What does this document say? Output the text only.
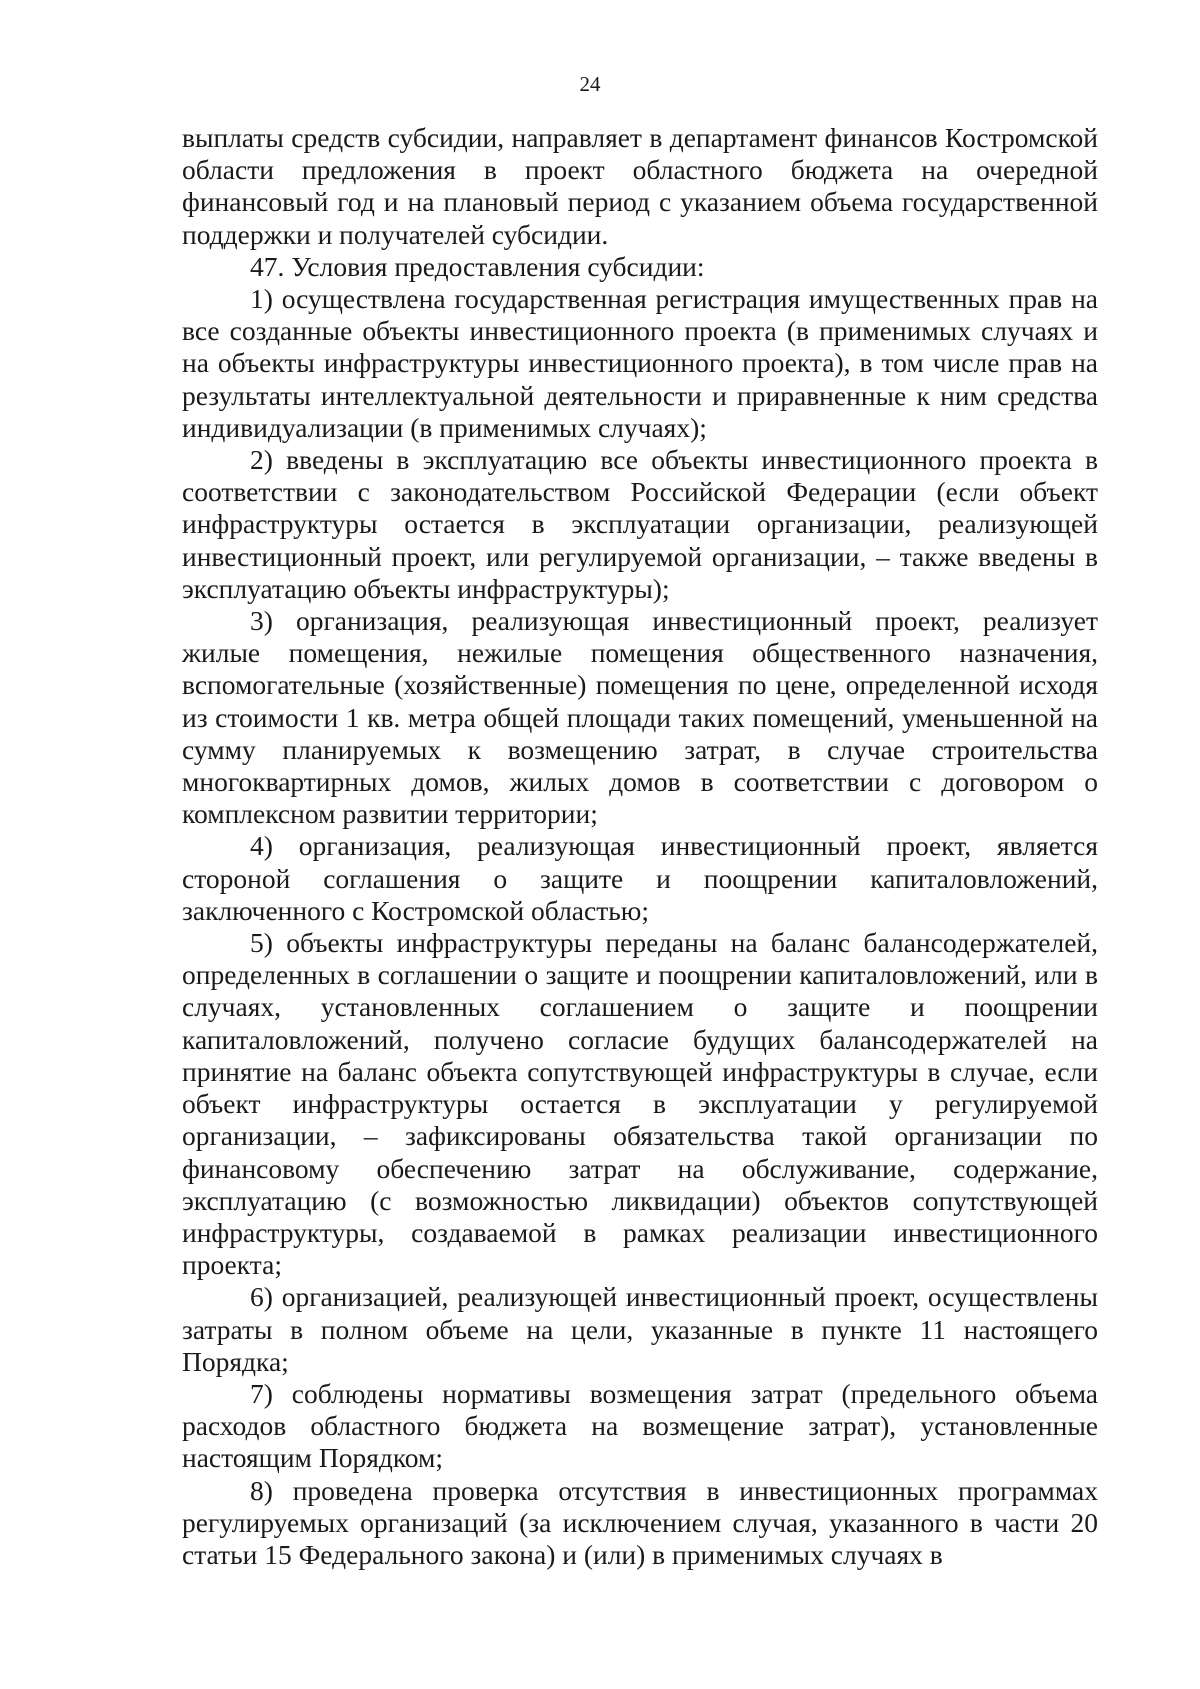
24

выплаты средств субсидии, направляет в департамент финансов Костромской области предложения в проект областного бюджета на очередной финансовый год и на плановый период с указанием объема государственной поддержки и получателей субсидии.

47. Условия предоставления субсидии:

1) осуществлена государственная регистрация имущественных прав на все созданные объекты инвестиционного проекта (в применимых случаях и на объекты инфраструктуры инвестиционного проекта), в том числе прав на результаты интеллектуальной деятельности и приравненные к ним средства индивидуализации (в применимых случаях);

2) введены в эксплуатацию все объекты инвестиционного проекта в соответствии с законодательством Российской Федерации (если объект инфраструктуры остается в эксплуатации организации, реализующей инвестиционный проект, или регулируемой организации, – также введены в эксплуатацию объекты инфраструктуры);

3) организация, реализующая инвестиционный проект, реализует жилые помещения, нежилые помещения общественного назначения, вспомогательные (хозяйственные) помещения по цене, определенной исходя из стоимости 1 кв. метра общей площади таких помещений, уменьшенной на сумму планируемых к возмещению затрат, в случае строительства многоквартирных домов, жилых домов в соответствии с договором о комплексном развитии территории;

4) организация, реализующая инвестиционный проект, является стороной соглашения о защите и поощрении капиталовложений, заключенного с Костромской областью;

5) объекты инфраструктуры переданы на баланс балансодержателей, определенных в соглашении о защите и поощрении капиталовложений, или в случаях, установленных соглашением о защите и поощрении капиталовложений, получено согласие будущих балансодержателей на принятие на баланс объекта сопутствующей инфраструктуры в случае, если объект инфраструктуры остается в эксплуатации у регулируемой организации, – зафиксированы обязательства такой организации по финансовому обеспечению затрат на обслуживание, содержание, эксплуатацию (с возможностью ликвидации) объектов сопутствующей инфраструктуры, создаваемой в рамках реализации инвестиционного проекта;

6) организацией, реализующей инвестиционный проект, осуществлены затраты в полном объеме на цели, указанные в пункте 11 настоящего Порядка;

7) соблюдены нормативы возмещения затрат (предельного объема расходов областного бюджета на возмещение затрат), установленные настоящим Порядком;

8) проведена проверка отсутствия в инвестиционных программах регулируемых организаций (за исключением случая, указанного в части 20 статьи 15 Федерального закона) и (или) в применимых случаях в
